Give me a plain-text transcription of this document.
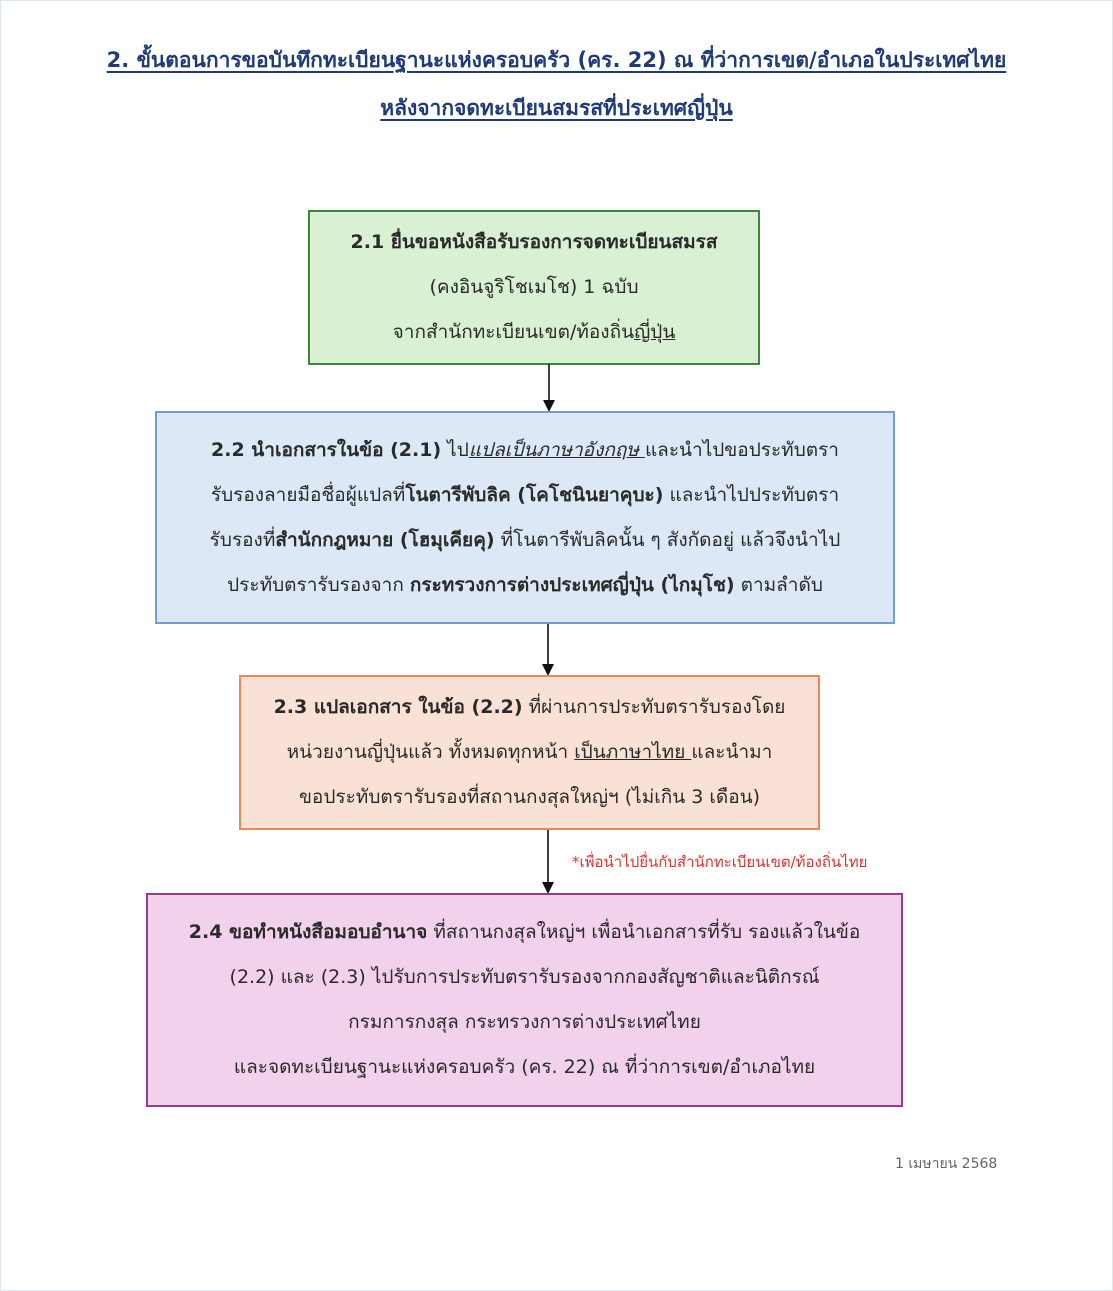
2. ขั้นตอนการขอบันทึกทะเบียนฐานะแห่งครอบครัว (คร. 22) ณ ที่ว่าการเขต/อำเภอในประเทศไทย
หลังจากจดทะเบียนสมรสที่ประเทศญี่ปุ่น
2.1 ยื่นขอหนังสือรับรองการจดทะเบียนสมรส
(คงอินจูริโชเมโช) 1 ฉบับ
จากสำนักทะเบียนเขต/ท้องถิ่นญี่ปุ่น
2.2 นำเอกสารในข้อ (2.1) ไปแปลเป็นภาษาอังกฤษ และนำไปขอประทับตรา
รับรองลายมือชื่อผู้แปลที่โนตารีพับลิค (โคโชนินยาคุบะ) และนำไปประทับตรา
รับรองที่สำนักกฎหมาย (โฮมุเคียคุ) ที่โนตารีพับลิคนั้น ๆ สังกัดอยู่ แล้วจึงนำไป
ประทับตรารับรองจาก กระทรวงการต่างประเทศญี่ปุ่น (ไกมุโช) ตามลำดับ
2.3 แปลเอกสาร ในข้อ (2.2) ที่ผ่านการประทับตรารับรองโดย
หน่วยงานญี่ปุ่นแล้ว ทั้งหมดทุกหน้า เป็นภาษาไทย และนำมา
ขอประทับตรารับรองที่สถานกงสุลใหญ่ฯ (ไม่เกิน 3 เดือน)
*เพื่อนำไปยื่นกับสำนักทะเบียนเขต/ท้องถิ่นไทย
2.4 ขอทำหนังสือมอบอำนาจ ที่สถานกงสุลใหญ่ฯ เพื่อนำเอกสารที่รับ รองแล้วในข้อ
(2.2) และ (2.3) ไปรับการประทับตรารับรองจากกองสัญชาติและนิติกรณ์
กรมการกงสุล กระทรวงการต่างประเทศไทย
และจดทะเบียนฐานะแห่งครอบครัว (คร. 22) ณ ที่ว่าการเขต/อำเภอไทย
1 เมษายน 2568
